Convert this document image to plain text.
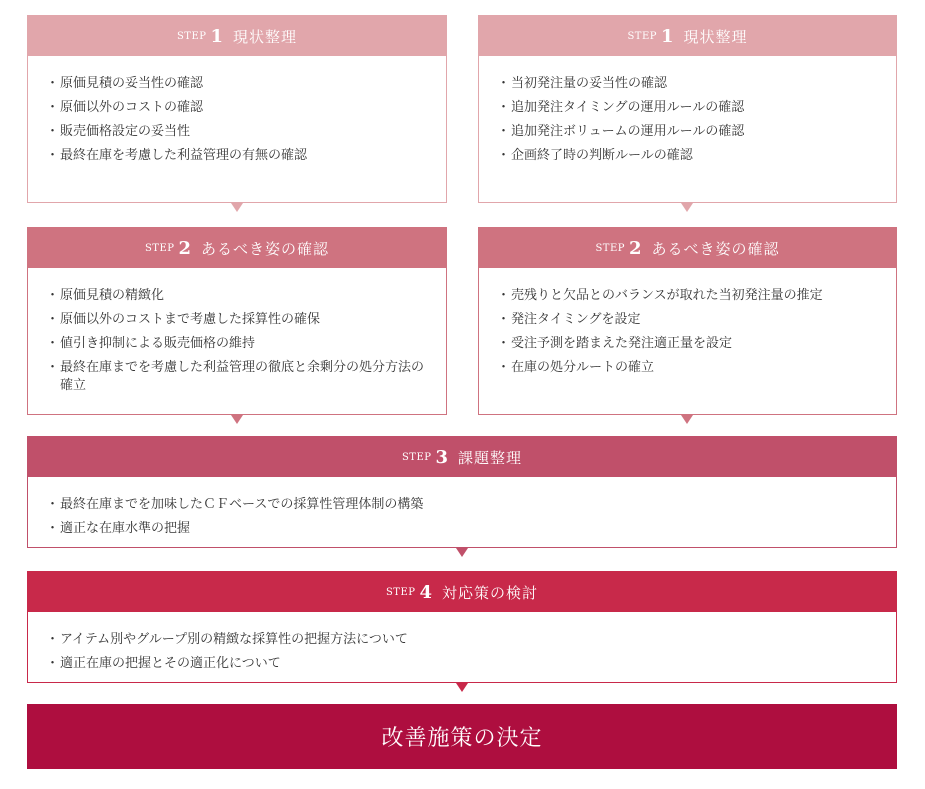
STEP 1 現状整理
・ 原価見積の妥当性の確認
・ 原価以外のコストの確認
・ 販売価格設定の妥当性
・ 最終在庫を考慮した利益管理の有無の確認
STEP 1 現状整理
・ 当初発注量の妥当性の確認
・ 追加発注タイミングの運用ルールの確認
・ 追加発注ボリュームの運用ルールの確認
・ 企画終了時の判断ルールの確認
STEP 2 あるべき姿の確認
・ 原価見積の精緻化
・ 原価以外のコストまで考慮した採算性の確保
・ 値引き抑制による販売価格の維持
・ 最終在庫までを考慮した利益管理の徹底と余剰分の処分方法の確立
STEP 2 あるべき姿の確認
・ 売残りと欠品とのバランスが取れた当初発注量の推定
・ 発注タイミングを設定
・ 受注予測を踏まえた発注適正量を設定
・ 在庫の処分ルートの確立
STEP 3 課題整理
・ 最終在庫までを加味したＣＦベースでの採算性管理体制の構築
・ 適正な在庫水準の把握
STEP 4 対応策の検討
・ アイテム別やグループ別の精緻な採算性の把握方法について
・ 適正在庫の把握とその適正化について
改善施策の決定
